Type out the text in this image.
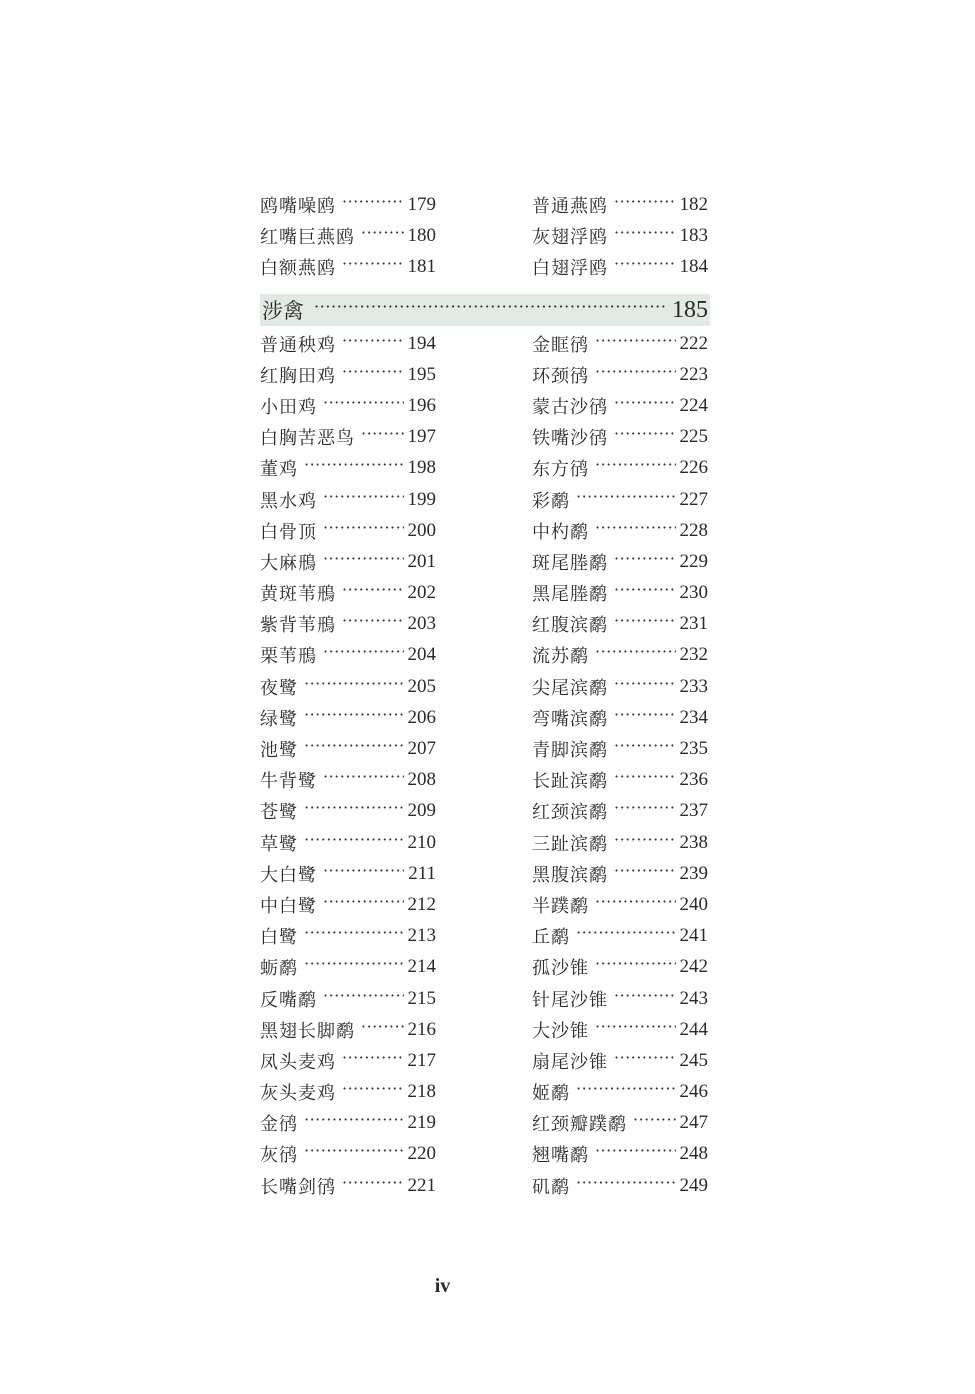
鸥嘴噪鸥 ·····	179
红嘴巨燕鸥 ·····	180
白额燕鸥 ·····	181
普通燕鸥 ·····	182
灰翅浮鸥 ·····	183
白翅浮鸥 ·····	184
涉禽 ·····	185
普通秧鸡 ·····	194
红胸田鸡 ·····	195
小田鸡 ·····	196
白胸苦恶鸟 ·····	197
董鸡 ·····	198
黑水鸡 ·····	199
白骨顶 ·····	200
大麻鳽 ·····	201
黄斑苇鳽 ·····	202
紫背苇鳽 ·····	203
栗苇鳽 ·····	204
夜鹭 ·····	205
绿鹭 ·····	206
池鹭 ·····	207
牛背鹭 ·····	208
苍鹭 ·····	209
草鹭 ·····	210
大白鹭 ·····	211
中白鹭 ·····	212
白鹭 ·····	213
蛎鹬 ·····	214
反嘴鹬 ·····	215
黑翅长脚鹬 ·····	216
凤头麦鸡 ·····	217
灰头麦鸡 ·····	218
金鸻 ·····	219
灰鸻 ·····	220
长嘴剑鸻 ·····	221
金眶鸻 ·····	222
环颈鸻 ·····	223
蒙古沙鸻 ·····	224
铁嘴沙鸻 ·····	225
东方鸻 ·····	226
彩鹬 ·····	227
中杓鹬 ·····	228
斑尾塍鹬 ·····	229
黑尾塍鹬 ·····	230
红腹滨鹬 ·····	231
流苏鹬 ·····	232
尖尾滨鹬 ·····	233
弯嘴滨鹬 ·····	234
青脚滨鹬 ·····	235
长趾滨鹬 ·····	236
红颈滨鹬 ·····	237
三趾滨鹬 ·····	238
黑腹滨鹬 ·····	239
半蹼鹬 ·····	240
丘鹬 ·····	241
孤沙锥 ·····	242
针尾沙锥 ·····	243
大沙锥 ·····	244
扇尾沙锥 ·····	245
姬鹬 ·····	246
红颈瓣蹼鹬 ·····	247
翘嘴鹬 ·····	248
矶鹬 ·····	249
iv
